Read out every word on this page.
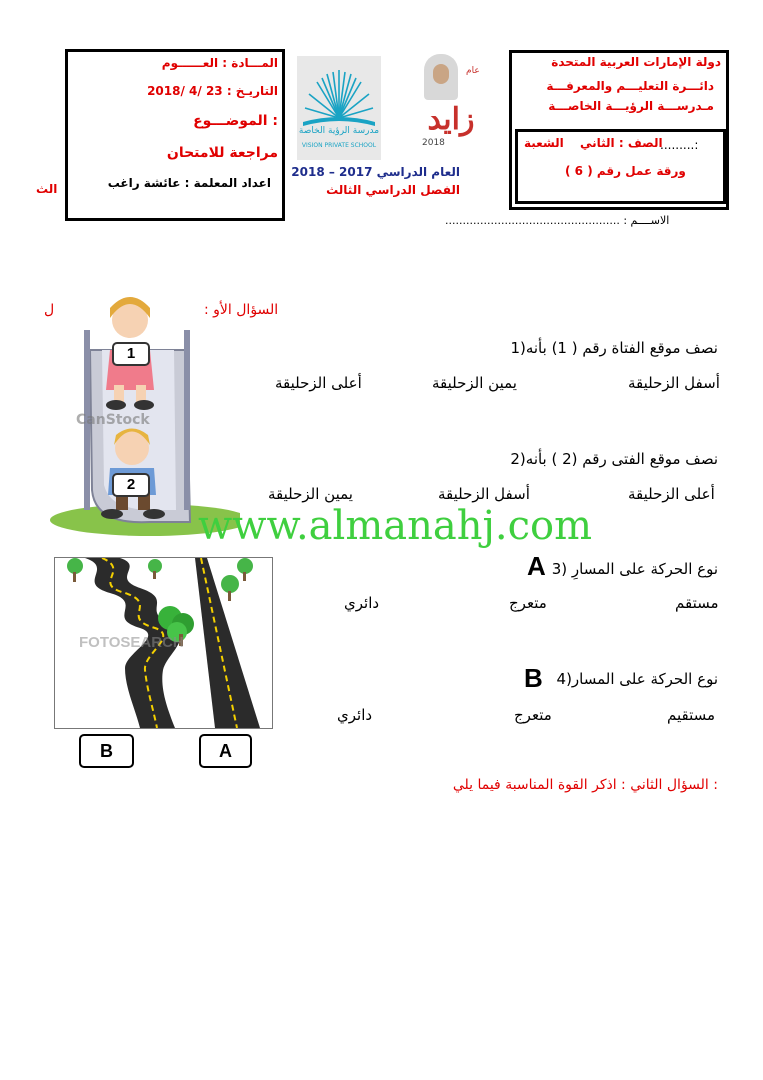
المـــادة : العــــــوم
التاريـخ : 23 /4 /2018
: الموضـــوع
مراجعة للامتحان
اعداد المعلمة : عائشة راغب
الث
مدرسة الرؤية الخاصة
VISION PRIVATE SCHOOL
عام
زايد
2018
العام الدراسي 2017 – 2018
الفصل الدراسي الثالث
دولة الإمارات العربية المتحدة
دائـــرة التعليـــم والمعرفـــة
مـدرســـة الرؤيـــة الخاصـــة
.........:
الصف : الثاني
الشعبة
( ورقة عمل رقم ( 6
.................................................. : الاســــم
: السؤال الأو
ل
1
2
CanStock
نصف موقع الفتاة رقم ( 1) بأنه(1
أسفل الزحليقة
يمين الزحليقة
أعلى الزحليقة
نصف موقع الفتى رقم (2 ) بأنه(2
أعلى الزحليقة
أسفل الزحليقة
يمين الزحليقة
www.almanahj.com
FOTOSEARCH
B	A
نوع الحركة على المسارِ (3
A
مستقم
متعرج
دائري
نوع الحركة على المسار(4
B
مستقيم
متعرج
دائري
: السؤال الثاني : اذكر القوة المناسبة فيما يلي
